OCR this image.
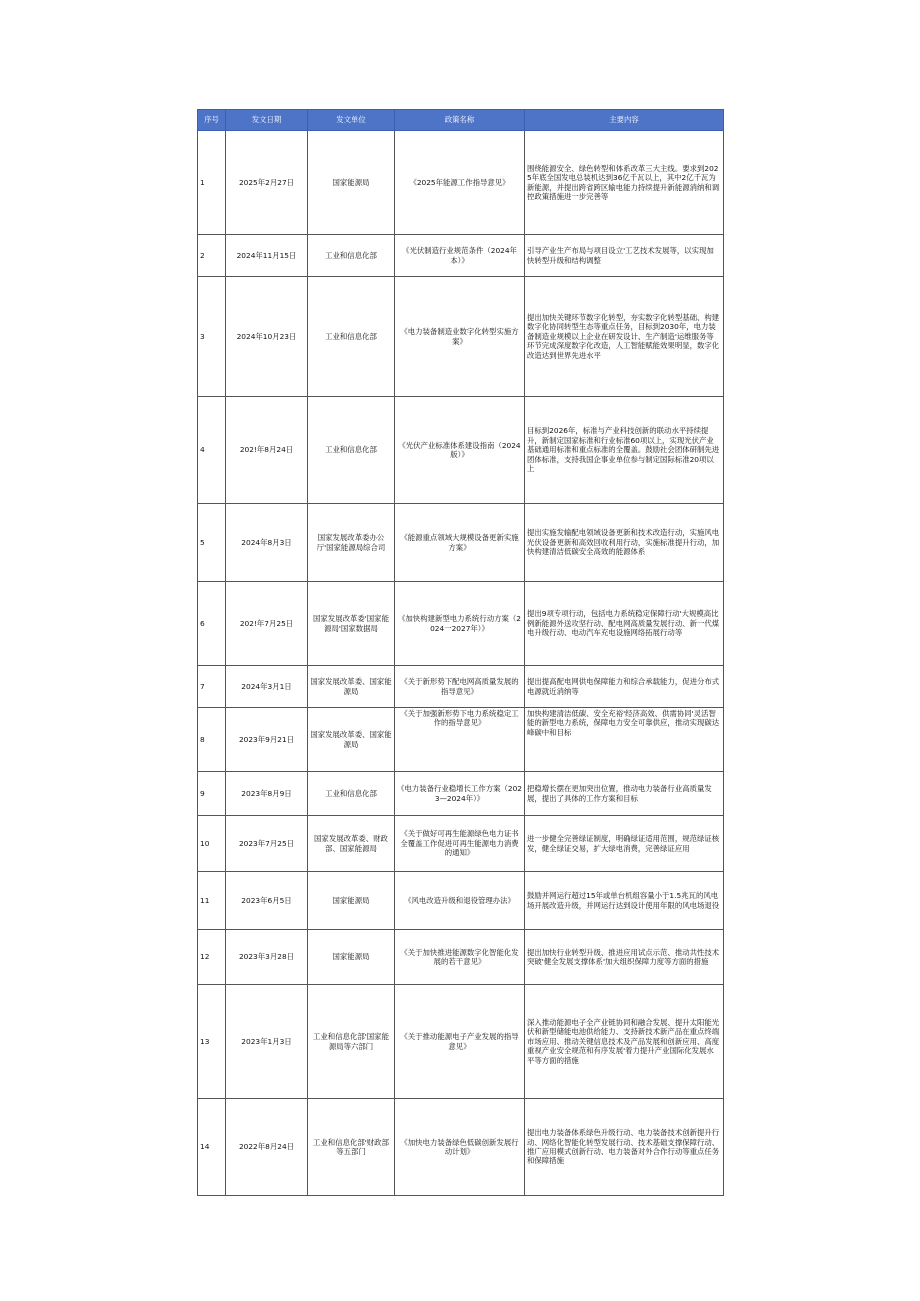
序号	发文日期	发文单位	政策名称	主要内容
1	2025年2月27日	国家能源局	《2025年能源工作指导意见》	围绕能源安全、绿色转型和体系改革三大主线。要求到2025年底全国发电总装机达到36亿千瓦以上，其中2亿千瓦为新能源，并提出跨省跨区输电能力持续提升新能源消纳和调控政策措施进一步完善等
2	2024年11月15日	工业和信息化部	《光伏制造行业规范条件（2024年本）》	引导产业生产布局与项目设立'工艺技术发展等，以实现加快转型升级和结构调整
3	2024年10月23日	工业和信息化部	《电力装备制造业数字化转型实施方案》	提出加快关键环节数字化转型，夯实数字化转型基础、构建数字化协同转型生态等重点任务，目标到2030年，电力装备制造业规模以上企业在研发设计、生产制造'运维服务等环节完成深度数字化改造，人工智能赋能效果明显，数字化改造达到世界先进水平
4	202!年8月24日	工业和信息化部	《光伏产业标准体系建设指南（2024版）》	目标到2026年，标准与产业科技创新的联动水平持续提升，新制定国家标准和行业标准60项以上，实现光伏产业基础通用标准和重点标准的全覆盖。鼓励社会团体研制先进团体标准，支持我国企事业单位参与制定国际标准20项以上
5	2024年8月3日	国家发展改革委办公厅'国家能源局综合司	《能源重点领域大规模设备更新实施方案》	提出实施发输配电领域设备更新和技术改造行动，实施风电光伏设备更新和高效回收利用行动，实施标准提升行动，加快构建清洁低碳安全高效的能源体系
6	202!年7月25日	国家发展改革委'国家能源局'国家数据局	《加快构建新型电力系统行动方案（2024一2027年）》	提出9项专项行动，包括电力系统稳定保障行动'大规模高比例新能源外送攻坚行动、配电网高质量发展行动、新一代煤电升级行动、电动汽车充电设施网络拓展行动等
7	2024年3月1日	国家发展改革委、国家能源局	《关于新形势下配电网高质量发展的指导意见》	提出提高配电网供电保障能力和综合承载能力，促进分布式电源就近消纳等
8	2023年9月21日	国家发展改革委、国家能源局	《关于加强新形势下电力系统稳定工作的指导意见》	加快构建清洁低碳、安全充裕'经济高效、供需协同'灵活智能的新型电力系统，保障电力安全可靠供应，推动实现碳达峰碳中和目标
9	2023年8月9日	工业和信息化部	《电力装备行业稳增长工作方案（2023—2024年）》	把稳增长摆在更加突出位置，推动电力装备行业高质量发展，提出了具体的工作方案和目标
10	2023年7月25日	国家发展改革委、财政部、国家能源局	《关于做好可再生能源绿色电力证书全覆盖工作促进可再生能源电力消费的通知》	进一步健全完善绿证制度，明确绿证适用范围，规范绿证核发，健全绿证交易，扩大绿电消费，完善绿证应用
11	2023年6月5日	国家能源局	《风电改造升级和退役管理办法》	鼓励并网运行超过15年或单台机组容量小于1.5兆瓦的风电场开展改造升级，并网运行达到设计使用年限的风电场退役
12	2023年3月28日	国家能源局	《关于加快推进能源数字化智能化发展的若干意见》	提出加快行业转型升级、推进应用试点示范、推动共性技术突破'健全发展支撑体系'加大组织保障力度等方面的措施
13	2023年1月3日	工业和信息化部'国家能源局等六部门	《关于推动能源电子产业发展的指导意见》	深入推动能源电子全产业链协同和融合发展、提升太阳能光伏和新型储能电池供给能力、支持新技术新产品在重点终端市场应用、推动关键信息技术及产品发展和创新应用、高度重视产业安全规范和有序发展'着力提升产业国际化发展水平等方面的措施
14	2022年8月24日	工业和信息化部'财政部等五部门	《加快电力装备绿色低碳创新发展行动计划》	提出电力装备体系绿色升级行动、电力装备技术创新提升行动、网络化智能化转型发展行动、技术基础支撑保障行动、推广应用模式创新行动、电力装备对外合作行动等重点任务和保障措施
